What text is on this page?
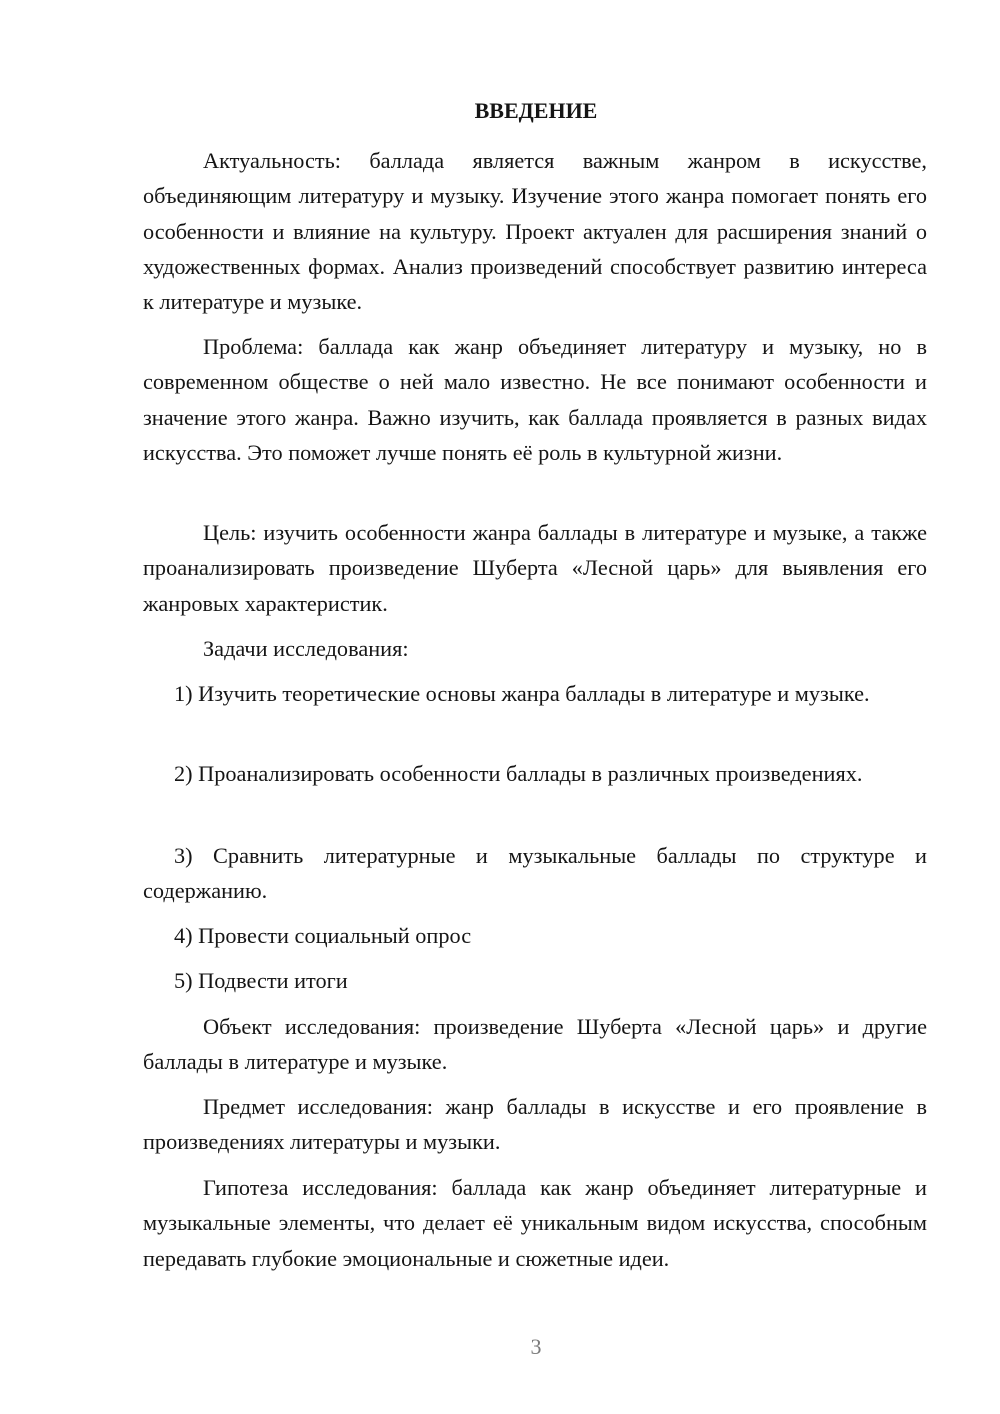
ВВЕДЕНИЕ

Актуальность: баллада является важным жанром в искусстве, объединяющим литературу и музыку. Изучение этого жанра помогает понять его особенности и влияние на культуру. Проект актуален для расширения знаний о художественных формах. Анализ произведений способствует развитию интереса к литературе и музыке.

Проблема: баллада как жанр объединяет литературу и музыку, но в современном обществе о ней мало известно. Не все понимают особенности и значение этого жанра. Важно изучить, как баллада проявляется в разных видах искусства. Это поможет лучше понять её роль в культурной жизни.

Цель: изучить особенности жанра баллады в литературе и музыке, а также проанализировать произведение Шуберта «Лесной царь» для выявления его жанровых характеристик.

Задачи исследования:

1) Изучить теоретические основы жанра баллады в литературе и музыке.

2) Проанализировать особенности баллады в различных произведениях.

3) Сравнить литературные и музыкальные баллады по структуре и содержанию.

4) Провести социальный опрос

5) Подвести итоги

Объект исследования: произведение Шуберта «Лесной царь» и другие баллады в литературе и музыке.

Предмет исследования: жанр баллады в искусстве и его проявление в произведениях литературы и музыки.

Гипотеза исследования: баллада как жанр объединяет литературные и музыкальные элементы, что делает её уникальным видом искусства, способным передавать глубокие эмоциональные и сюжетные идеи.

3
